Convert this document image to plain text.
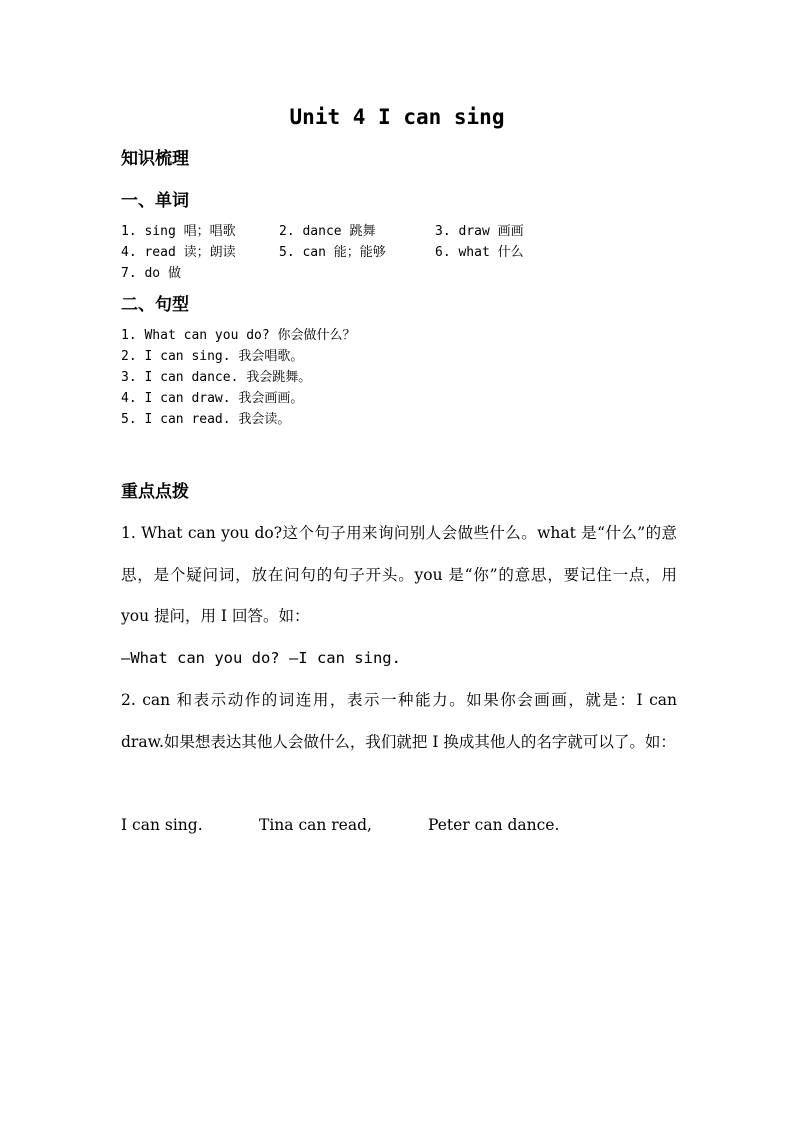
Unit 4 I can sing
知识梳理
一、单词
1. sing 唱；唱歌	2. dance 跳舞	3. draw 画画
4. read 读；朗读	5. can 能；能够	6. what 什么
7. do 做
二、句型
1. What can you do? 你会做什么？
2. I can sing. 我会唱歌。
3. I can dance. 我会跳舞。
4. I can draw. 我会画画。
5. I can read. 我会读。
重点点拨
1. What can you do?这个句子用来询问别人会做些什么。what 是“什么”的意思，是个疑问词，放在问句的句子开头。you 是“你”的意思，要记住一点，用 you 提问，用 I 回答。如：
—What can you do? —I can sing.
2. can 和表示动作的词连用，表示一种能力。如果你会画画，就是：I can draw.如果想表达其他人会做什么，我们就把 I 换成其他人的名字就可以了。如：
I can sing.	Tina can read,	Peter can dance.
